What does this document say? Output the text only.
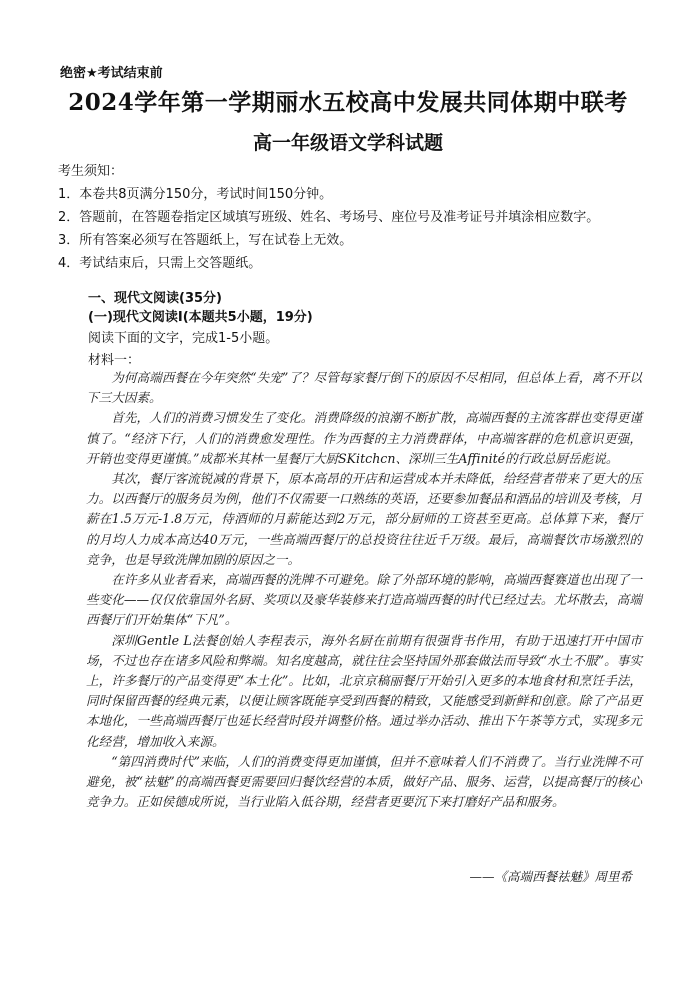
绝密★考试结束前
2024学年第一学期丽水五校高中发展共同体期中联考
高一年级语文学科试题
考生须知：
1．本卷共8页满分150分，考试时间150分钟。
2．答题前，在答题卷指定区域填写班级、姓名、考场号、座位号及准考证号并填涂相应数字。
3．所有答案必须写在答题纸上，写在试卷上无效。
4．考试结束后，只需上交答题纸。
一、现代文阅读(35分)
(一)现代文阅读I(本题共5小题，19分)
阅读下面的文字，完成1-5小题。
材料一：

为何高端西餐在今年突然“失宠”了？尽管每家餐厅倒下的原因不尽相同，但总体上看，离不开以下三大因素。

首先，人们的消费习惯发生了变化。消费降级的浪潮不断扩散，高端西餐的主流客群也变得更谨慎了。“经济下行，人们的消费愈发理性。作为西餐的主力消费群体，中高端客群的危机意识更强，开销也变得更谨慎。”成都米其林一星餐厅大厨SKitchcn、深圳三生Affinité的行政总厨岳彪说。

其次，餐厅客流锐减的背景下，原本高昂的开店和运营成本并未降低，给经营者带来了更大的压力。以西餐厅的服务员为例，他们不仅需要一口熟练的英语，还要参加餐品和酒品的培训及考核，月薪在1.5万元-1.8万元，侍酒师的月薪能达到2万元，部分厨师的工资甚至更高。总体算下来，餐厅的月均人力成本高达40万元，一些高端西餐厅的总投资往往近千万级。最后，高端餐饮市场激烈的竞争，也是导致洗牌加剧的原因之一。

在许多从业者看来，高端西餐的洗牌不可避免。除了外部环境的影响，高端西餐赛道也出现了一些变化——仅仅依靠国外名厨、奖项以及豪华装修来打造高端西餐的时代已经过去。尤坏散去，高端西餐厅们开始集体“下凡”。

深圳Gentle L法餐创始人李程表示，海外名厨在前期有很强背书作用，有助于迅速打开中国市场，不过也存在诸多风险和弊端。知名度越高，就往往会坚持国外那套做法而导致“水土不服”。事实上，许多餐厅的产品变得更“本土化”。比如，北京京稿丽餐厅开始引入更多的本地食材和烹饪手法，同时保留西餐的经典元素，以便让顾客既能享受到西餐的精致，又能感受到新鲜和创意。除了产品更本地化，一些高端西餐厅也延长经营时段并调整价格。通过举办活动、推出下午茶等方式，实现多元化经营，增加收入来源。

“第四消费时代”来临，人们的消费变得更加谨慎，但并不意味着人们不消费了。当行业洗牌不可避免，被“祛魅”的高端西餐更需要回归餐饮经营的本质，做好产品、服务、运营，以提高餐厅的核心竞争力。正如侯德成所说，当行业陷入低谷期，经营者更要沉下来打磨好产品和服务。

——《高端西餐祛魅》周里希
